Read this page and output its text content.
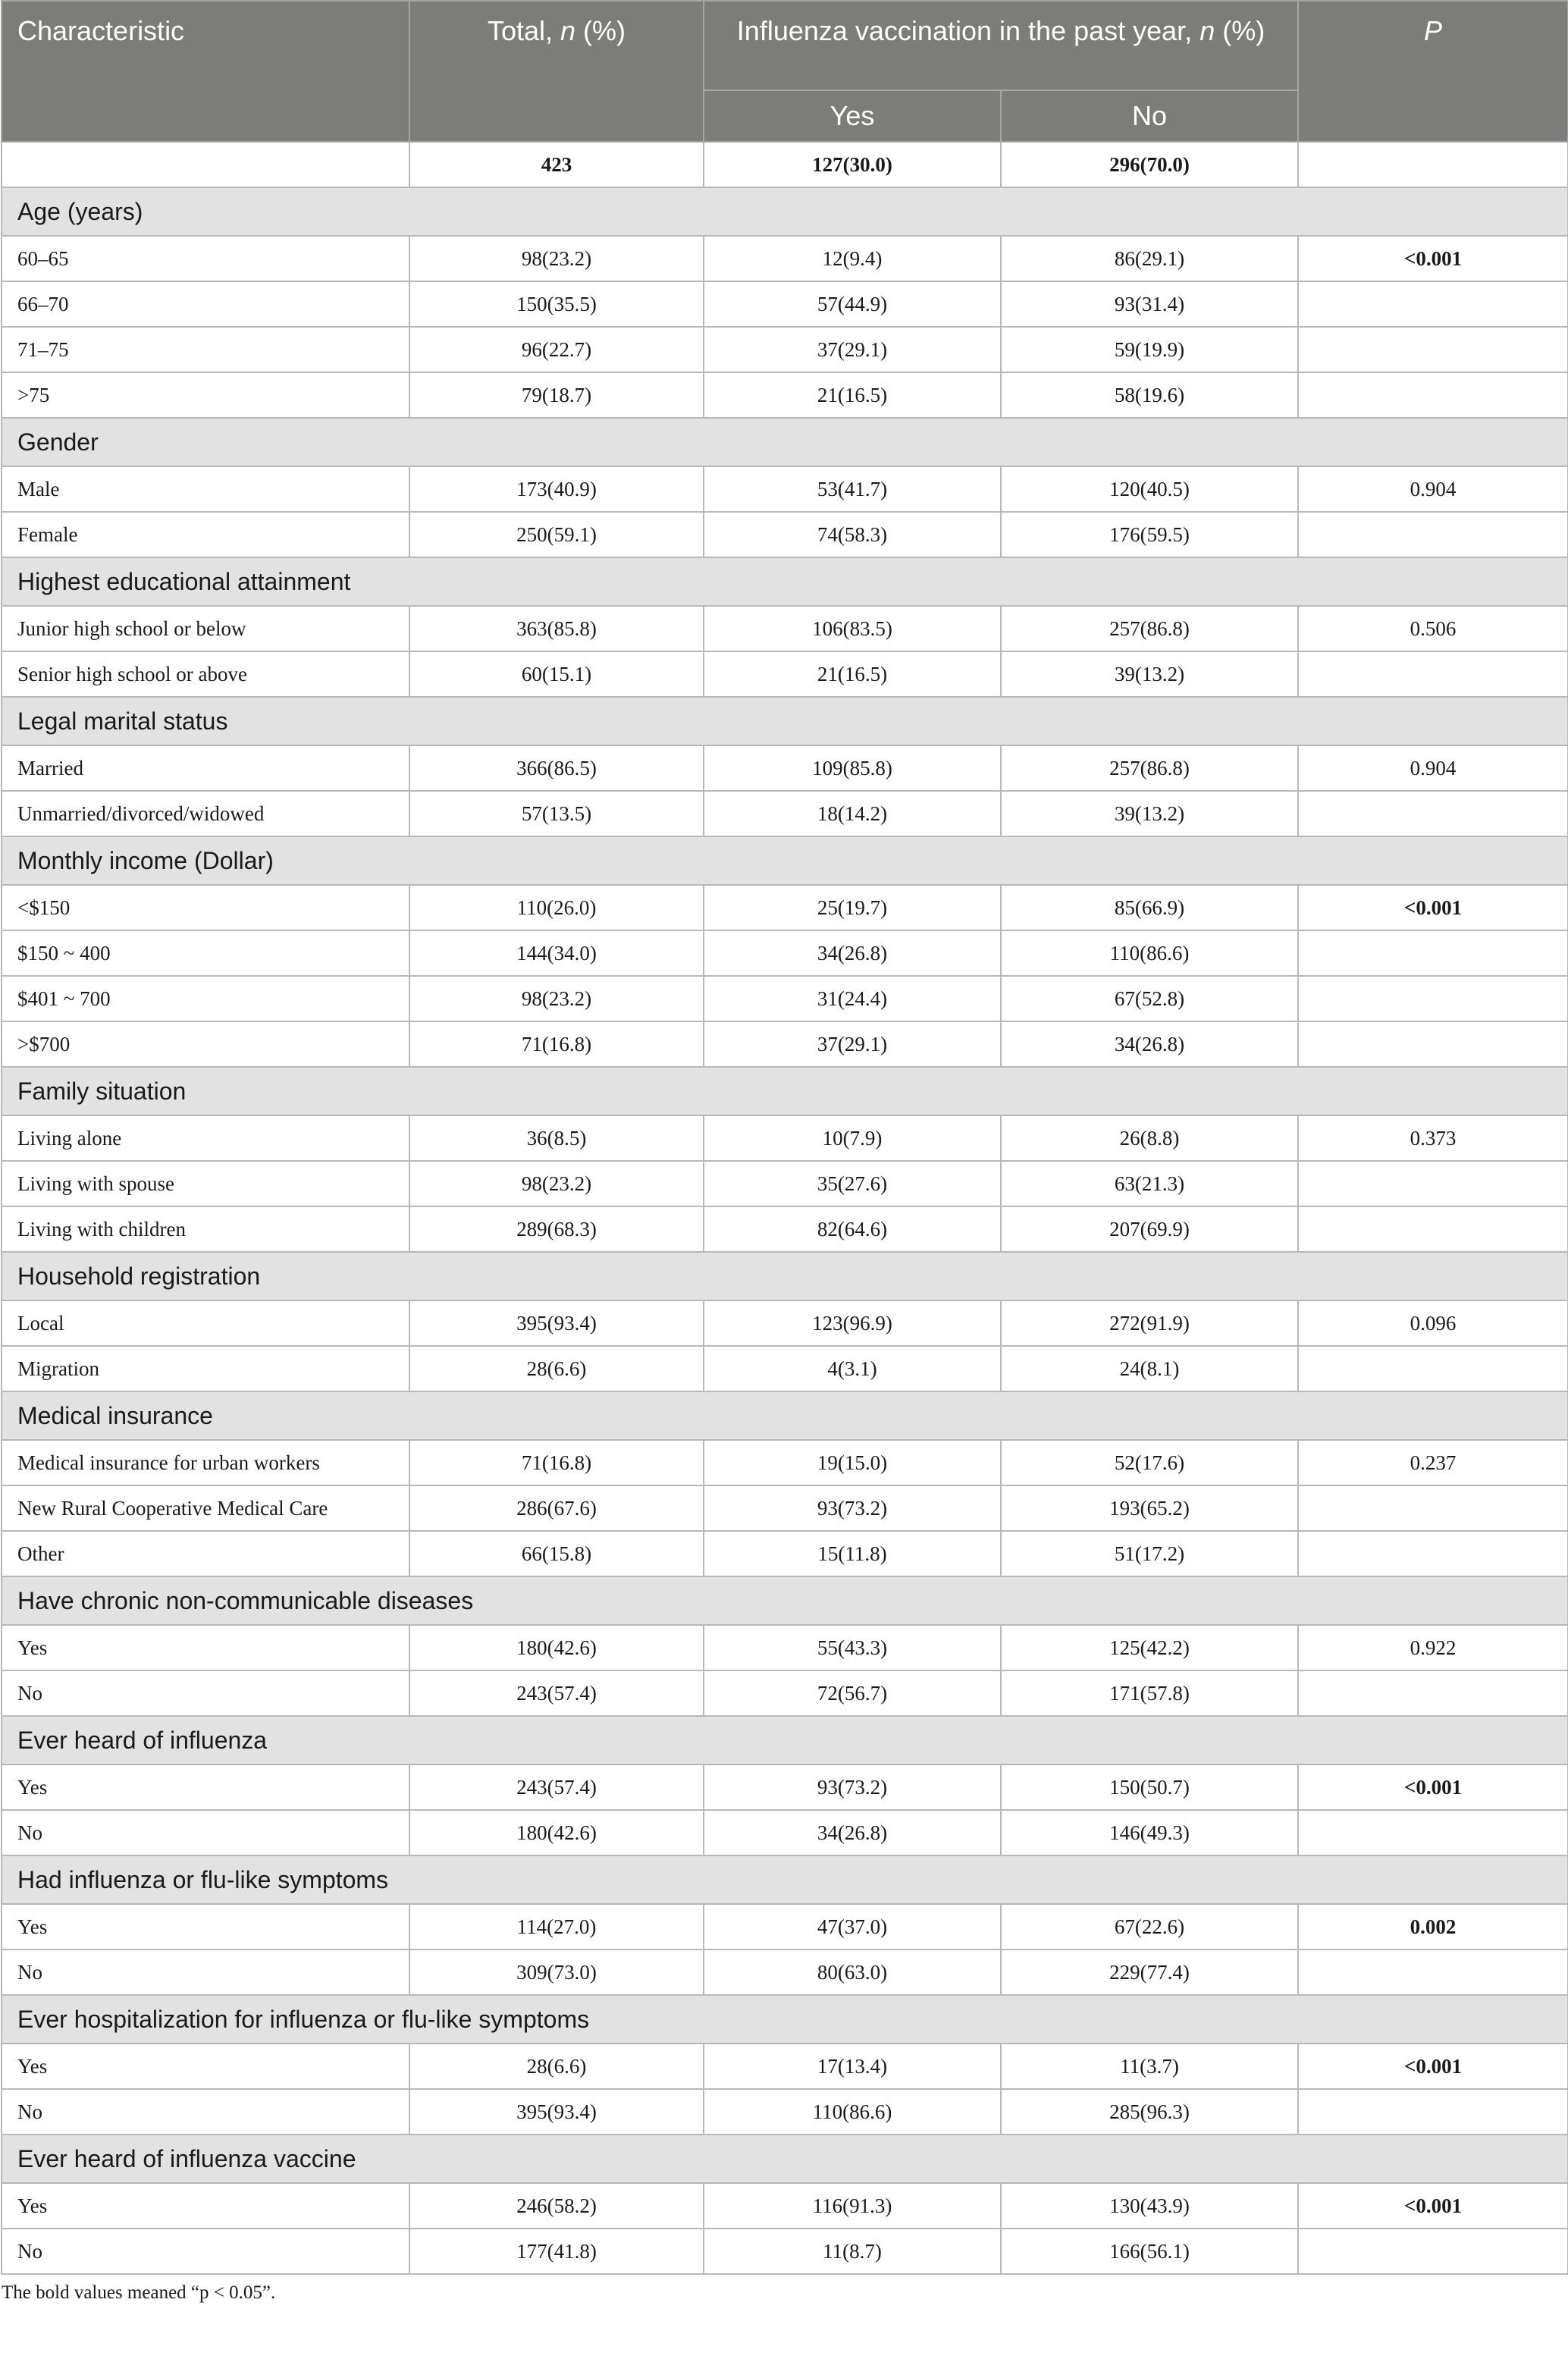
Characteristic	Total, n (%)	Influenza vaccination in the past year, n (%)		P
		Yes	No	
	423	127(30.0)	296(70.0)	
Age (years)				
60–65	98(23.2)	12(9.4)	86(29.1)	<0.001
66–70	150(35.5)	57(44.9)	93(31.4)	
71–75	96(22.7)	37(29.1)	59(19.9)	
>75	79(18.7)	21(16.5)	58(19.6)	
Gender				
Male	173(40.9)	53(41.7)	120(40.5)	0.904
Female	250(59.1)	74(58.3)	176(59.5)	
Highest educational attainment				
Junior high school or below	363(85.8)	106(83.5)	257(86.8)	0.506
Senior high school or above	60(15.1)	21(16.5)	39(13.2)	
Legal marital status				
Married	366(86.5)	109(85.8)	257(86.8)	0.904
Unmarried/divorced/widowed	57(13.5)	18(14.2)	39(13.2)	
Monthly income (Dollar)				
<$150	110(26.0)	25(19.7)	85(66.9)	<0.001
$150 ~ 400	144(34.0)	34(26.8)	110(86.6)	
$401 ~ 700	98(23.2)	31(24.4)	67(52.8)	
>$700	71(16.8)	37(29.1)	34(26.8)	
Family situation				
Living alone	36(8.5)	10(7.9)	26(8.8)	0.373
Living with spouse	98(23.2)	35(27.6)	63(21.3)	
Living with children	289(68.3)	82(64.6)	207(69.9)	
Household registration				
Local	395(93.4)	123(96.9)	272(91.9)	0.096
Migration	28(6.6)	4(3.1)	24(8.1)	
Medical insurance				
Medical insurance for urban workers	71(16.8)	19(15.0)	52(17.6)	0.237
New Rural Cooperative Medical Care	286(67.6)	93(73.2)	193(65.2)	
Other	66(15.8)	15(11.8)	51(17.2)	
Have chronic non-communicable diseases				
Yes	180(42.6)	55(43.3)	125(42.2)	0.922
No	243(57.4)	72(56.7)	171(57.8)	
Ever heard of influenza				
Yes	243(57.4)	93(73.2)	150(50.7)	<0.001
No	180(42.6)	34(26.8)	146(49.3)	
Had influenza or flu-like symptoms				
Yes	114(27.0)	47(37.0)	67(22.6)	0.002
No	309(73.0)	80(63.0)	229(77.4)	
Ever hospitalization for influenza or flu-like symptoms				
Yes	28(6.6)	17(13.4)	11(3.7)	<0.001
No	395(93.4)	110(86.6)	285(96.3)	
Ever heard of influenza vaccine				
Yes	246(58.2)	116(91.3)	130(43.9)	<0.001
No	177(41.8)	11(8.7)	166(56.1)	
The bold values meaned “p < 0.05”.
